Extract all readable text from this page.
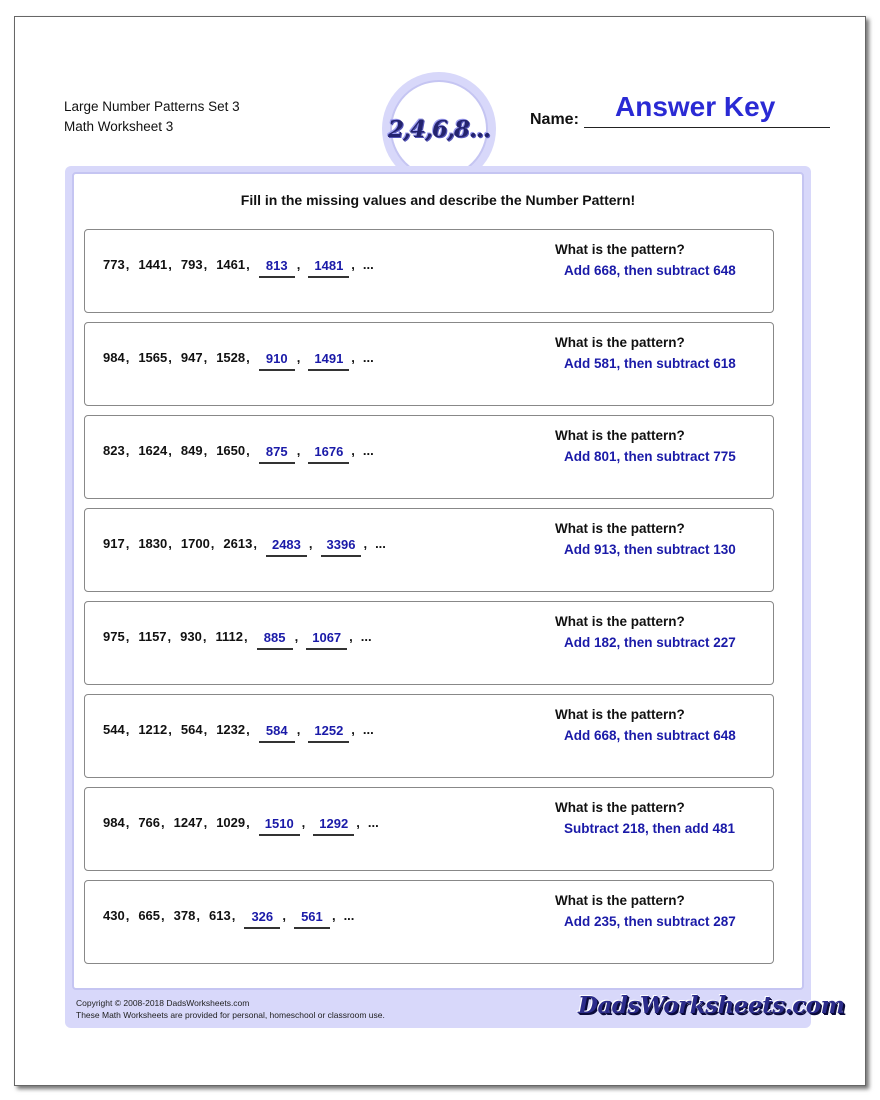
Large Number Patterns Set 3
Math Worksheet 3	2,4,6,8... Name: Answer Key
Fill in the missing values and describe the Number Pattern!
773 , 1441 , 793 , 1461 ,	813 ,	1481 , ...
What is the pattern?
Add 668, then subtract 648
984 , 1565 , 947 , 1528 ,	910 ,	1491 , ...
What is the pattern?
Add 581, then subtract 618
823 , 1624 , 849 , 1650 ,	875 ,	1676 , ...
What is the pattern?
Add 801, then subtract 775
917 , 1830 , 1700 , 2613 ,	2483 ,	3396 , ...
What is the pattern?
Add 913, then subtract 130
975 , 1157 , 930 , 1112 ,	885 ,	1067 , ...
What is the pattern?
Add 182, then subtract 227
544 , 1212 , 564 , 1232 ,	584 ,	1252 , ...
What is the pattern?
Add 668, then subtract 648
984 , 766 , 1247 , 1029 ,	1510 ,	1292 , ...
What is the pattern?
Subtract 218, then add 481
430 , 665 , 378 , 613 ,	326 ,	561 , ...
What is the pattern?
Add 235, then subtract 287
Copyright © 2008-2018 DadsWorksheets.com
These Math Worksheets are provided for personal, homeschool or classroom use.	DadsWorksheets.com
